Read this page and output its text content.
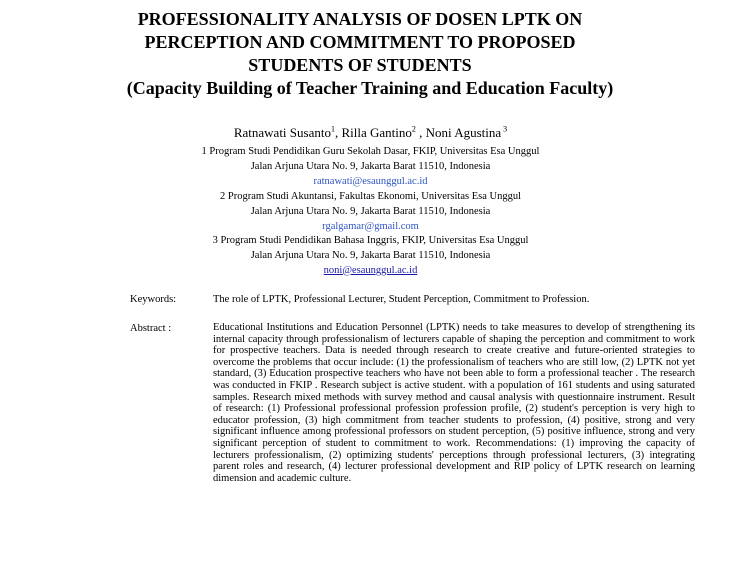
PROFESSIONALITY ANALYSIS OF DOSEN LPTK ON PERCEPTION AND COMMITMENT TO PROPOSED STUDENTS OF STUDENTS
(Capacity Building of Teacher Training and Education Faculty)
Ratnawati Susanto$^1$, Rilla Gantino$^2$ , Noni Agustina $^3$
1 Program Studi Pendidikan Guru Sekolah Dasar, FKIP, Universitas Esa Unggul
Jalan Arjuna Utara No. 9, Jakarta Barat 11510, Indonesia
ratnawati@esaunggul.ac.id
2 Program Studi Akuntansi, Fakultas Ekonomi, Universitas Esa Unggul
Jalan Arjuna Utara No. 9, Jakarta Barat 11510, Indonesia
rgalgamar@gmail.com
3 Program Studi Pendidikan Bahasa Inggris, FKIP, Universitas Esa Unggul
Jalan Arjuna Utara No. 9, Jakarta Barat 11510, Indonesia
noni@esaunggul.ac.id
Keywords:	The role of LPTK, Professional Lecturer, Student Perception, Commitment to Profession.
Abstract :	Educational Institutions and Education Personnel (LPTK) needs to take measures to develop of strengthening its internal capacity through professionalism of lecturers capable of shaping the perception and commitment to work for prospective teachers. Data is needed through research to create creative and future-oriented strategies to overcome the problems that occur include: (1) the professionalism of teachers who are still low, (2) LPTK not yet standard, (3) Education prospective teachers who have not been able to form a professional teacher . The research was conducted in FKIP . Research subject is active student. with a population of 161 students and using saturated samples. Research mixed methods with survey method and causal analysis with questionnaire instrument. Result of research: (1) Professional professional profession profession profile, (2) student's perception is very high to educator profession, (3) high commitment from teacher students to profession, (4) positive, strong and very significant influence among professional professors on student perception, (5) positive influence, strong and very significant perception of student to commitment to work. Recommendations: (1) improving the capacity of lecturers professionalism, (2) optimizing students' perceptions through professional lecturers, (3) integrating parent roles and research, (4) lecturer professional development and RIP policy of LPTK research on learning dimension and academic culture.
